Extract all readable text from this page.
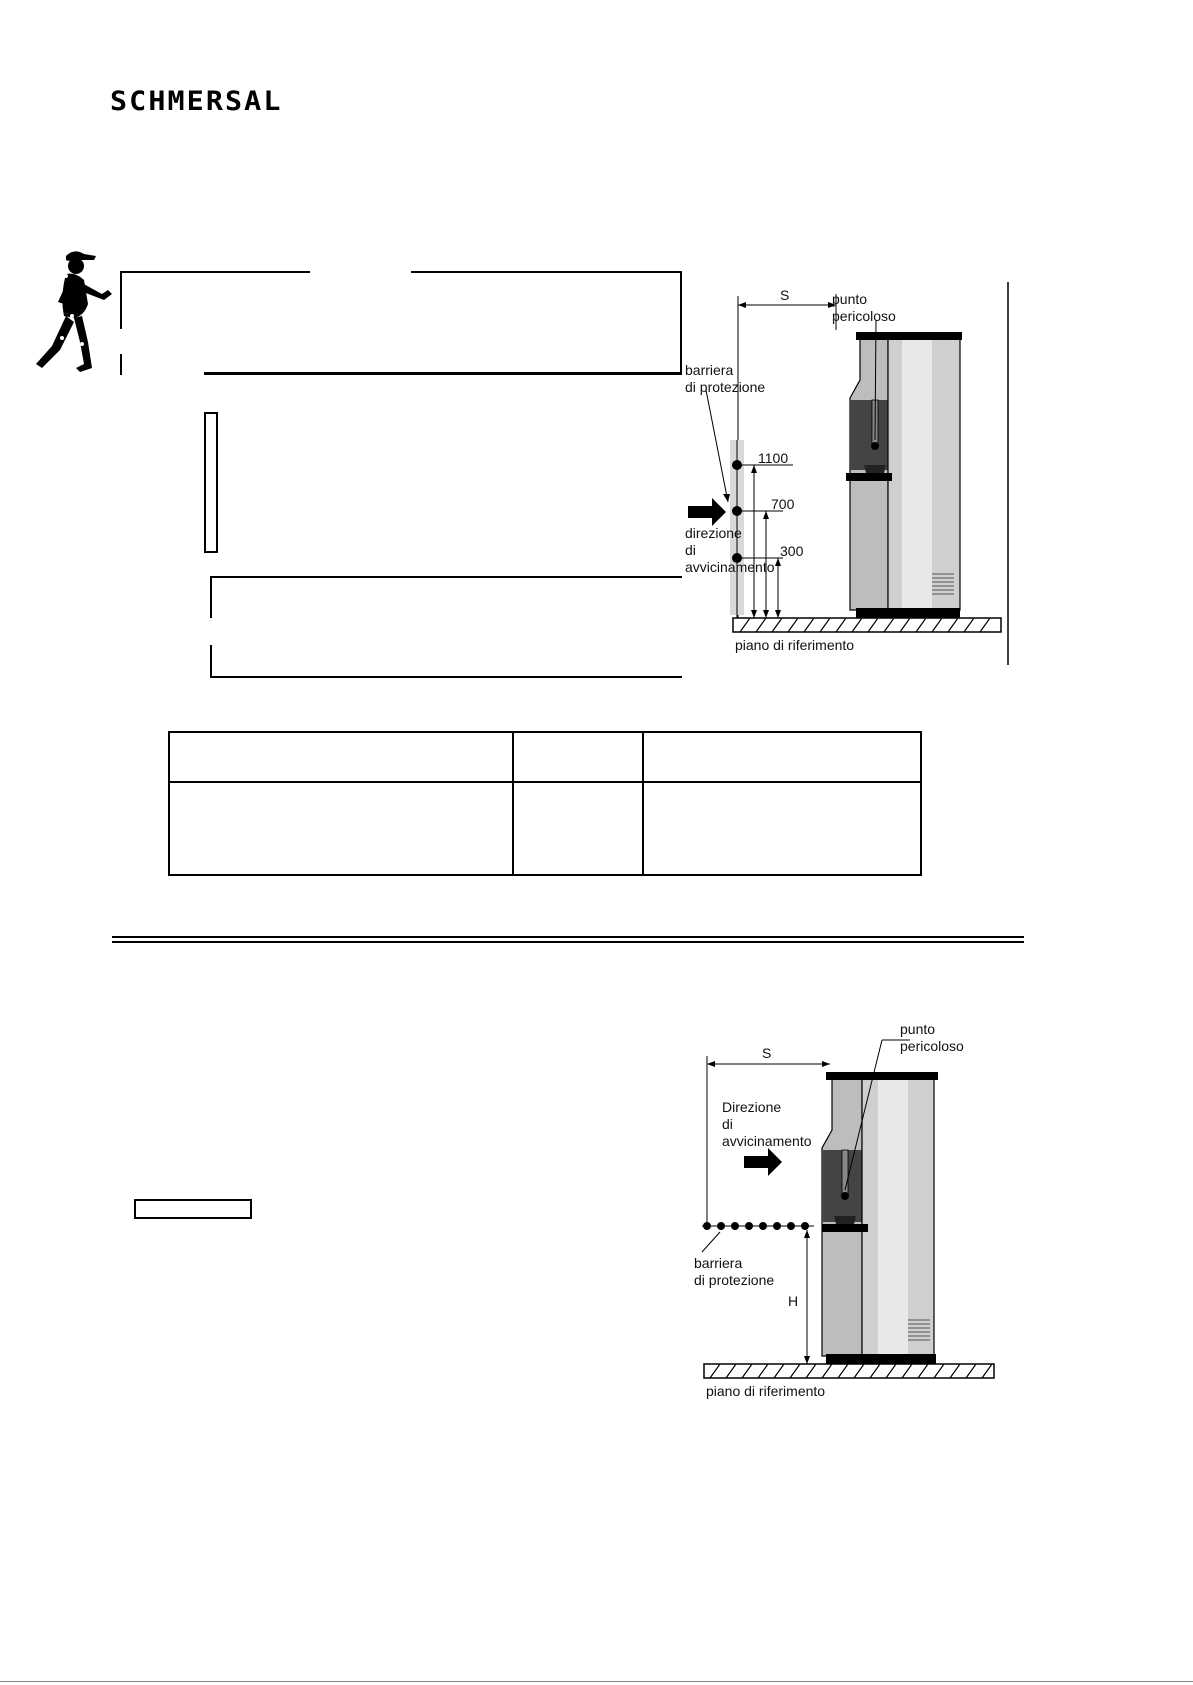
SCHMERSAL
S
1100
700
300
punto
pericoloso
barriera
di protezione
direzione
di
avvicinamento
piano di riferimento
S
H
punto
pericoloso
Direzione
di
avvicinamento
barriera
di protezione
piano di riferimento
